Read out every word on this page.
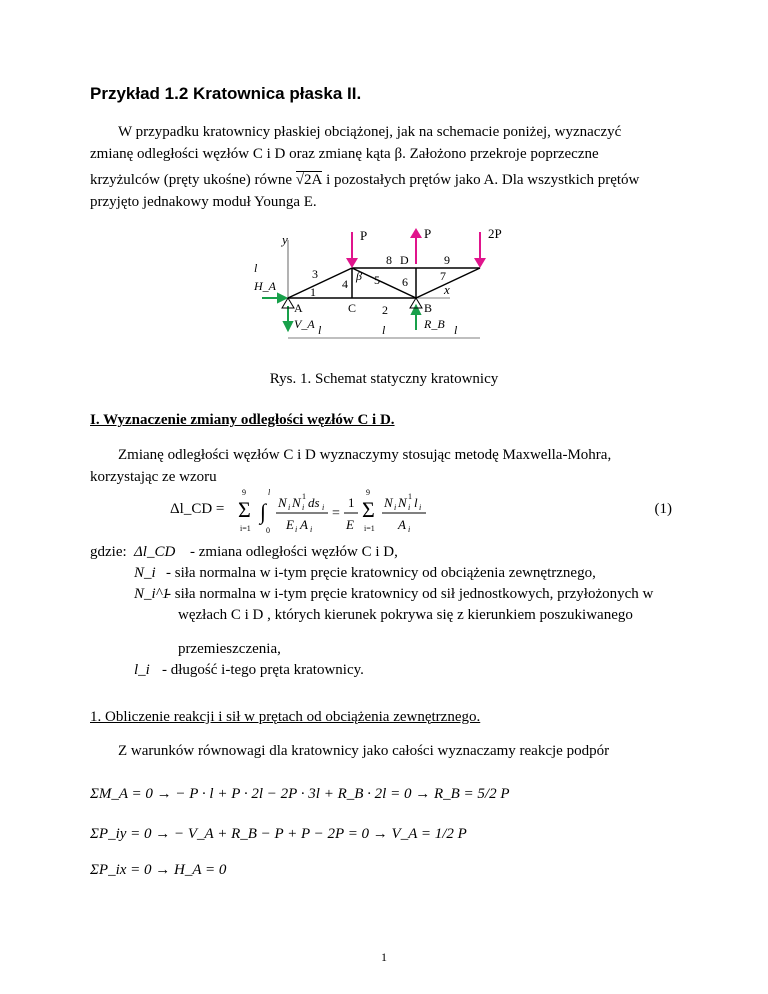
Przykład 1.2 Kratownica płaska II.
W przypadku kratownicy płaskiej obciążonej, jak na schemacie poniżej, wyznaczyć
zmianę odległości węzłów C i D oraz zmianę kąta β. Założono przekroje poprzeczne
krzyżulców (pręty ukośne) równe √2A i pozostałych prętów jako A. Dla wszystkich prętów
przyjęto jednakowy moduł Younga E.
P	P	2P
x
y
1
2
3
4 5 6	7
8	9
A	B
C
D
H_A
V_A	R_B
β
l
l	l	l
Rys. 1. Schemat statyczny kratownicy
I. Wyznaczenie zmiany odległości węzłów C i D.
Zmianę odległości węzłów C i D wyznaczymy stosując metodę Maxwella-Mohra,
korzystając ze wzoru
Δl_CD = Σ
9
i=1
∫
l
0
N i N i
1 ds i
E i A i
=
1
E
Σ
9
i=1
N i N i
1 l i
A i
(1)
gdzie: Δl_CD - zmiana odległości węzłów C i D,
N_i - siła normalna w i-tym pręcie kratownicy od obciążenia zewnętrznego,
N_i^1
- siła normalna w i-tym pręcie kratownicy od sił jednostkowych, przyłożonych w
węzłach C i D , których kierunek pokrywa się z kierunkiem poszukiwanego
przemieszczenia,
l_i - długość i-tego pręta kratownicy.
1. Obliczenie reakcji i sił w prętach od obciążenia zewnętrznego.
Z warunków równowagi dla kratownicy jako całości wyznaczamy reakcje podpór
ΣM_A = 0 → − P · l + P · 2l − 2P · 3l + R_B · 2l = 0 → R_B = 5/2 P
ΣP_iy = 0 → − V_A + R_B − P + P − 2P = 0 → V_A = 1/2 P
ΣP_ix = 0 → H_A = 0
1
